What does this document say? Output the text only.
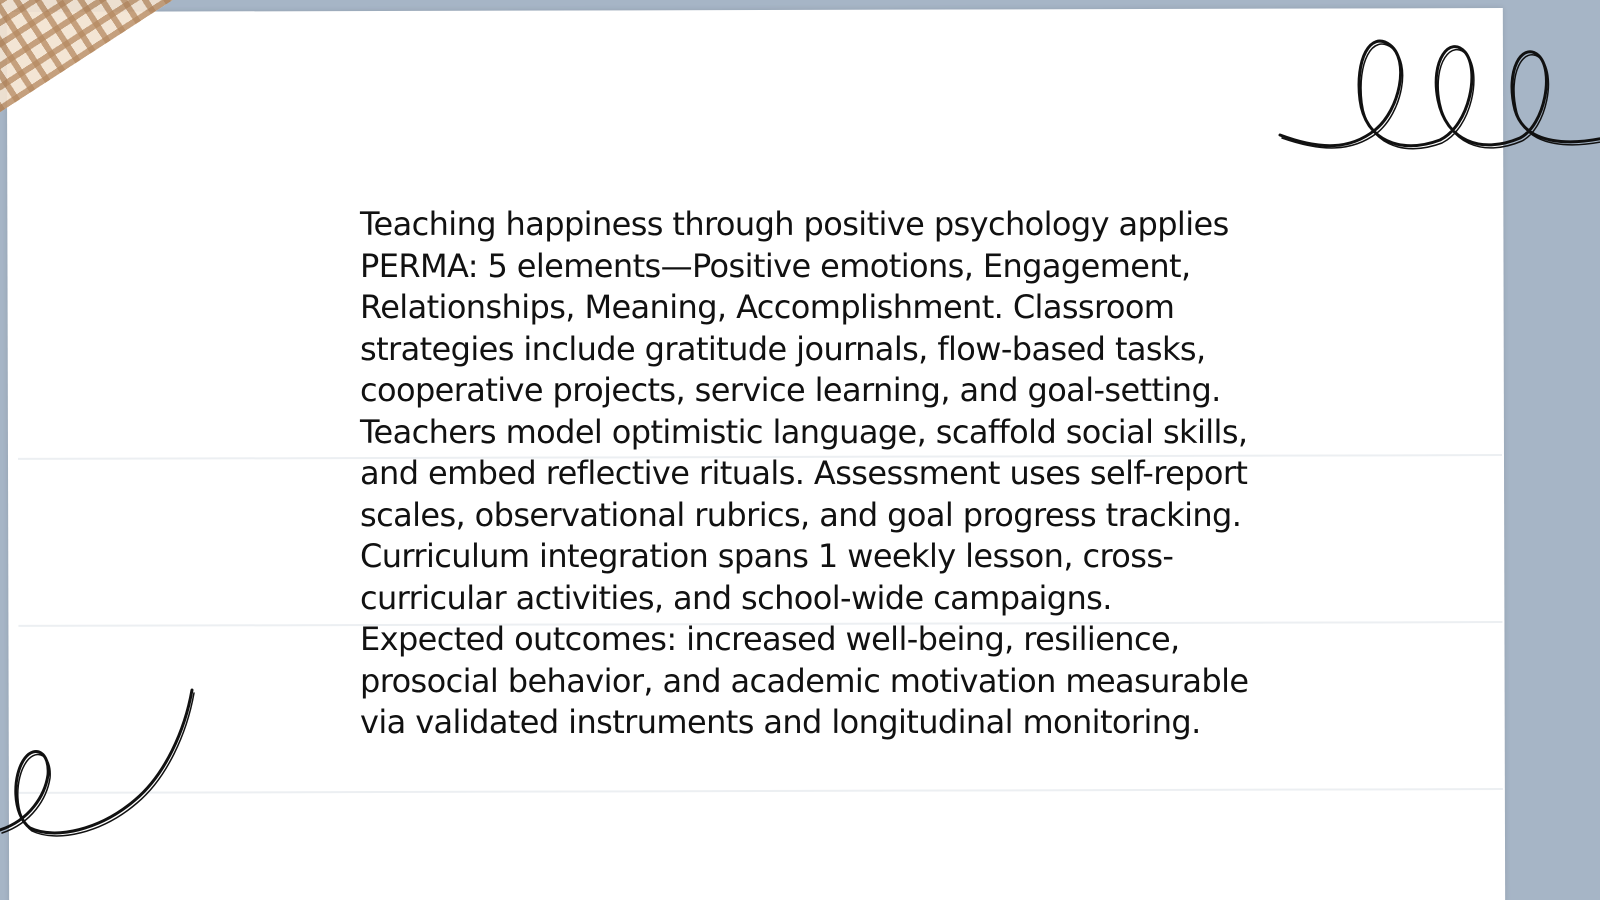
Teaching happiness through positive psychology applies PERMA: 5 elements—Positive emotions, Engagement, Relationships, Meaning, Accomplishment. Classroom strategies include gratitude journals, flow-based tasks, cooperative projects, service learning, and goal-setting. Teachers model optimistic language, scaffold social skills, and embed reflective rituals. Assessment uses self-report scales, observational rubrics, and goal progress tracking. Curriculum integration spans 1 weekly lesson, cross-curricular activities, and school-wide campaigns. Expected outcomes: increased well-being, resilience, prosocial behavior, and academic motivation measurable via validated instruments and longitudinal monitoring.
